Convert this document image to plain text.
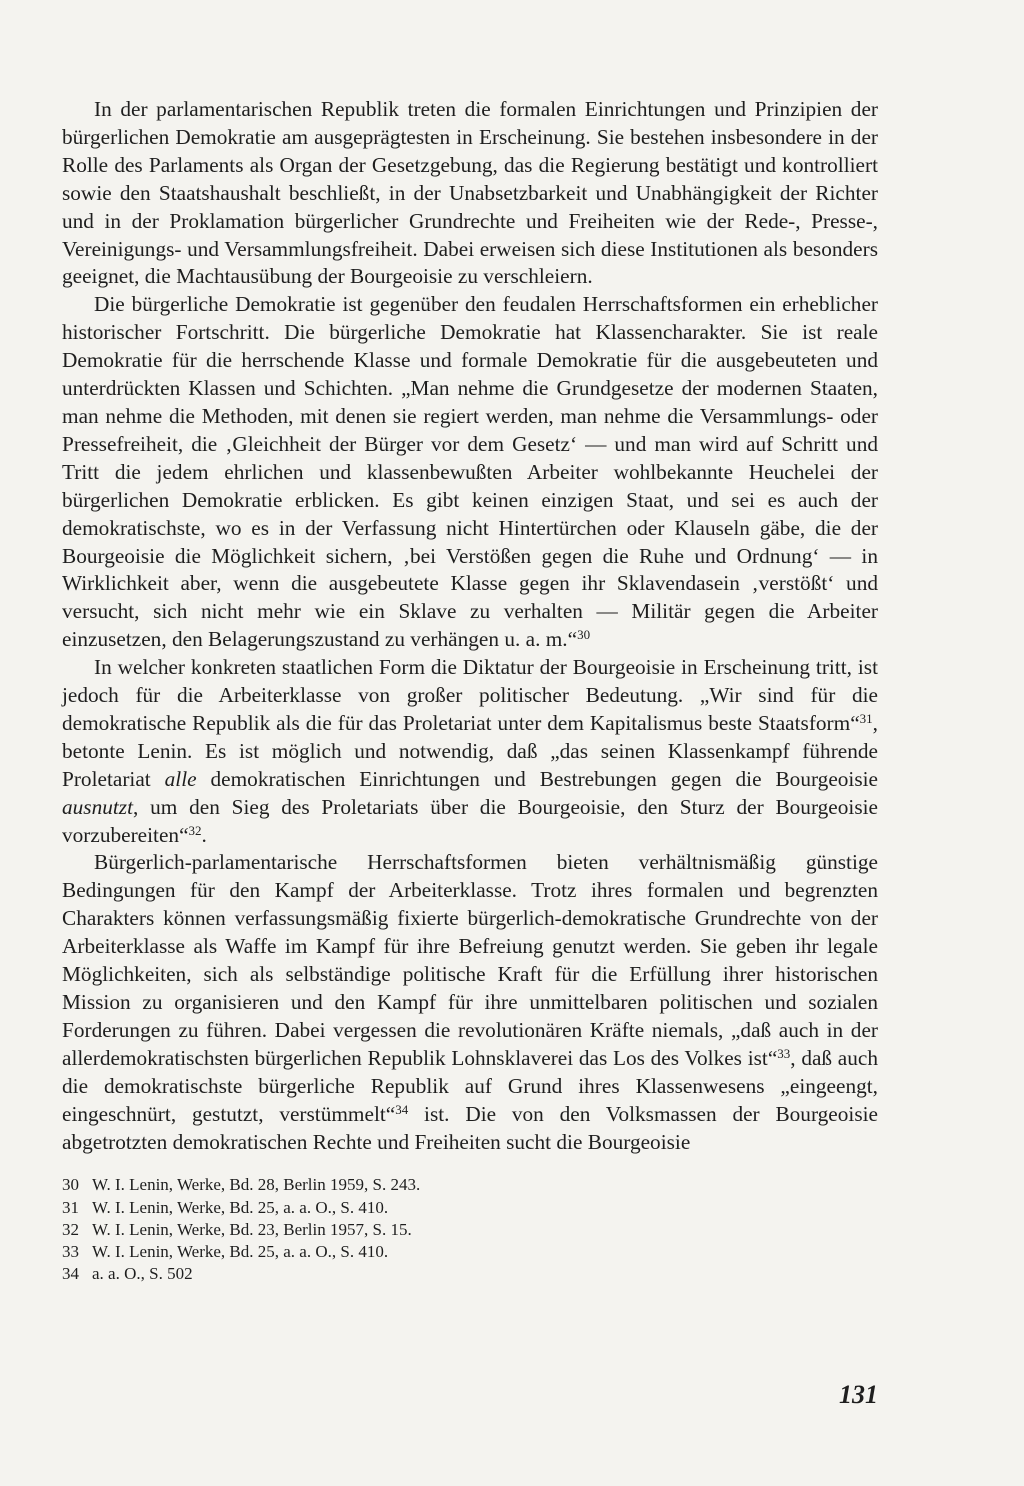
In der parlamentarischen Republik treten die formalen Einrichtungen und Prinzipien der bürgerlichen Demokratie am ausgeprägtesten in Erscheinung. Sie bestehen insbesondere in der Rolle des Parlaments als Organ der Gesetzgebung, das die Regierung bestätigt und kontrolliert sowie den Staatshaushalt beschließt, in der Unabsetzbarkeit und Unabhängigkeit der Richter und in der Proklamation bürgerlicher Grundrechte und Freiheiten wie der Rede-, Presse-, Vereinigungs- und Versammlungsfreiheit. Dabei erweisen sich diese Institutionen als besonders geeignet, die Machtausübung der Bourgeoisie zu verschleiern.

Die bürgerliche Demokratie ist gegenüber den feudalen Herrschaftsformen ein erheblicher historischer Fortschritt. Die bürgerliche Demokratie hat Klassencharakter. Sie ist reale Demokratie für die herrschende Klasse und formale Demokratie für die ausgebeuteten und unterdrückten Klassen und Schichten. „Man nehme die Grundgesetze der modernen Staaten, man nehme die Methoden, mit denen sie regiert werden, man nehme die Versammlungs- oder Pressefreiheit, die ‚Gleichheit der Bürger vor dem Gesetz‘ — und man wird auf Schritt und Tritt die jedem ehrlichen und klassenbewußten Arbeiter wohlbekannte Heuchelei der bürgerlichen Demokratie erblicken. Es gibt keinen einzigen Staat, und sei es auch der demokratischste, wo es in der Verfassung nicht Hintertürchen oder Klauseln gäbe, die der Bourgeoisie die Möglichkeit sichern, ‚bei Verstößen gegen die Ruhe und Ordnung‘ — in Wirklichkeit aber, wenn die ausgebeutete Klasse gegen ihr Sklavendasein ‚verstößt‘ und versucht, sich nicht mehr wie ein Sklave zu verhalten — Militär gegen die Arbeiter einzusetzen, den Belagerungszustand zu verhängen u. a. m.“$^{30}$

In welcher konkreten staatlichen Form die Diktatur der Bourgeoisie in Erscheinung tritt, ist jedoch für die Arbeiterklasse von großer politischer Bedeutung. „Wir sind für die demokratische Republik als die für das Proletariat unter dem Kapitalismus beste Staatsform“$^{31}$, betonte Lenin. Es ist möglich und notwendig, daß „das seinen Klassenkampf führende Proletariat alle demokratischen Einrichtungen und Bestrebungen gegen die Bourgeoisie ausnutzt, um den Sieg des Proletariats über die Bourgeoisie, den Sturz der Bourgeoisie vorzubereiten“$^{32}$.

Bürgerlich-parlamentarische Herrschaftsformen bieten verhältnismäßig günstige Bedingungen für den Kampf der Arbeiterklasse. Trotz ihres formalen und begrenzten Charakters können verfassungsmäßig fixierte bürgerlich-demokratische Grundrechte von der Arbeiterklasse als Waffe im Kampf für ihre Befreiung genutzt werden. Sie geben ihr legale Möglichkeiten, sich als selbständige politische Kraft für die Erfüllung ihrer historischen Mission zu organisieren und den Kampf für ihre unmittelbaren politischen und sozialen Forderungen zu führen. Dabei vergessen die revolutionären Kräfte niemals, „daß auch in der allerdemokratischsten bürgerlichen Republik Lohnsklaverei das Los des Volkes ist“$^{33}$, daß auch die demokratischste bürgerliche Republik auf Grund ihres Klassenwesens „eingeengt, eingeschnürt, gestutzt, verstümmelt“$^{34}$ ist. Die von den Volksmassen der Bourgeoisie abgetrotzten demokratischen Rechte und Freiheiten sucht die Bourgeoisie

30 W. I. Lenin, Werke, Bd. 28, Berlin 1959, S. 243.
31 W. I. Lenin, Werke, Bd. 25, a. a. O., S. 410.
32 W. I. Lenin, Werke, Bd. 23, Berlin 1957, S. 15.
33 W. I. Lenin, Werke, Bd. 25, a. a. O., S. 410.
34 a. a. O., S. 502
131
